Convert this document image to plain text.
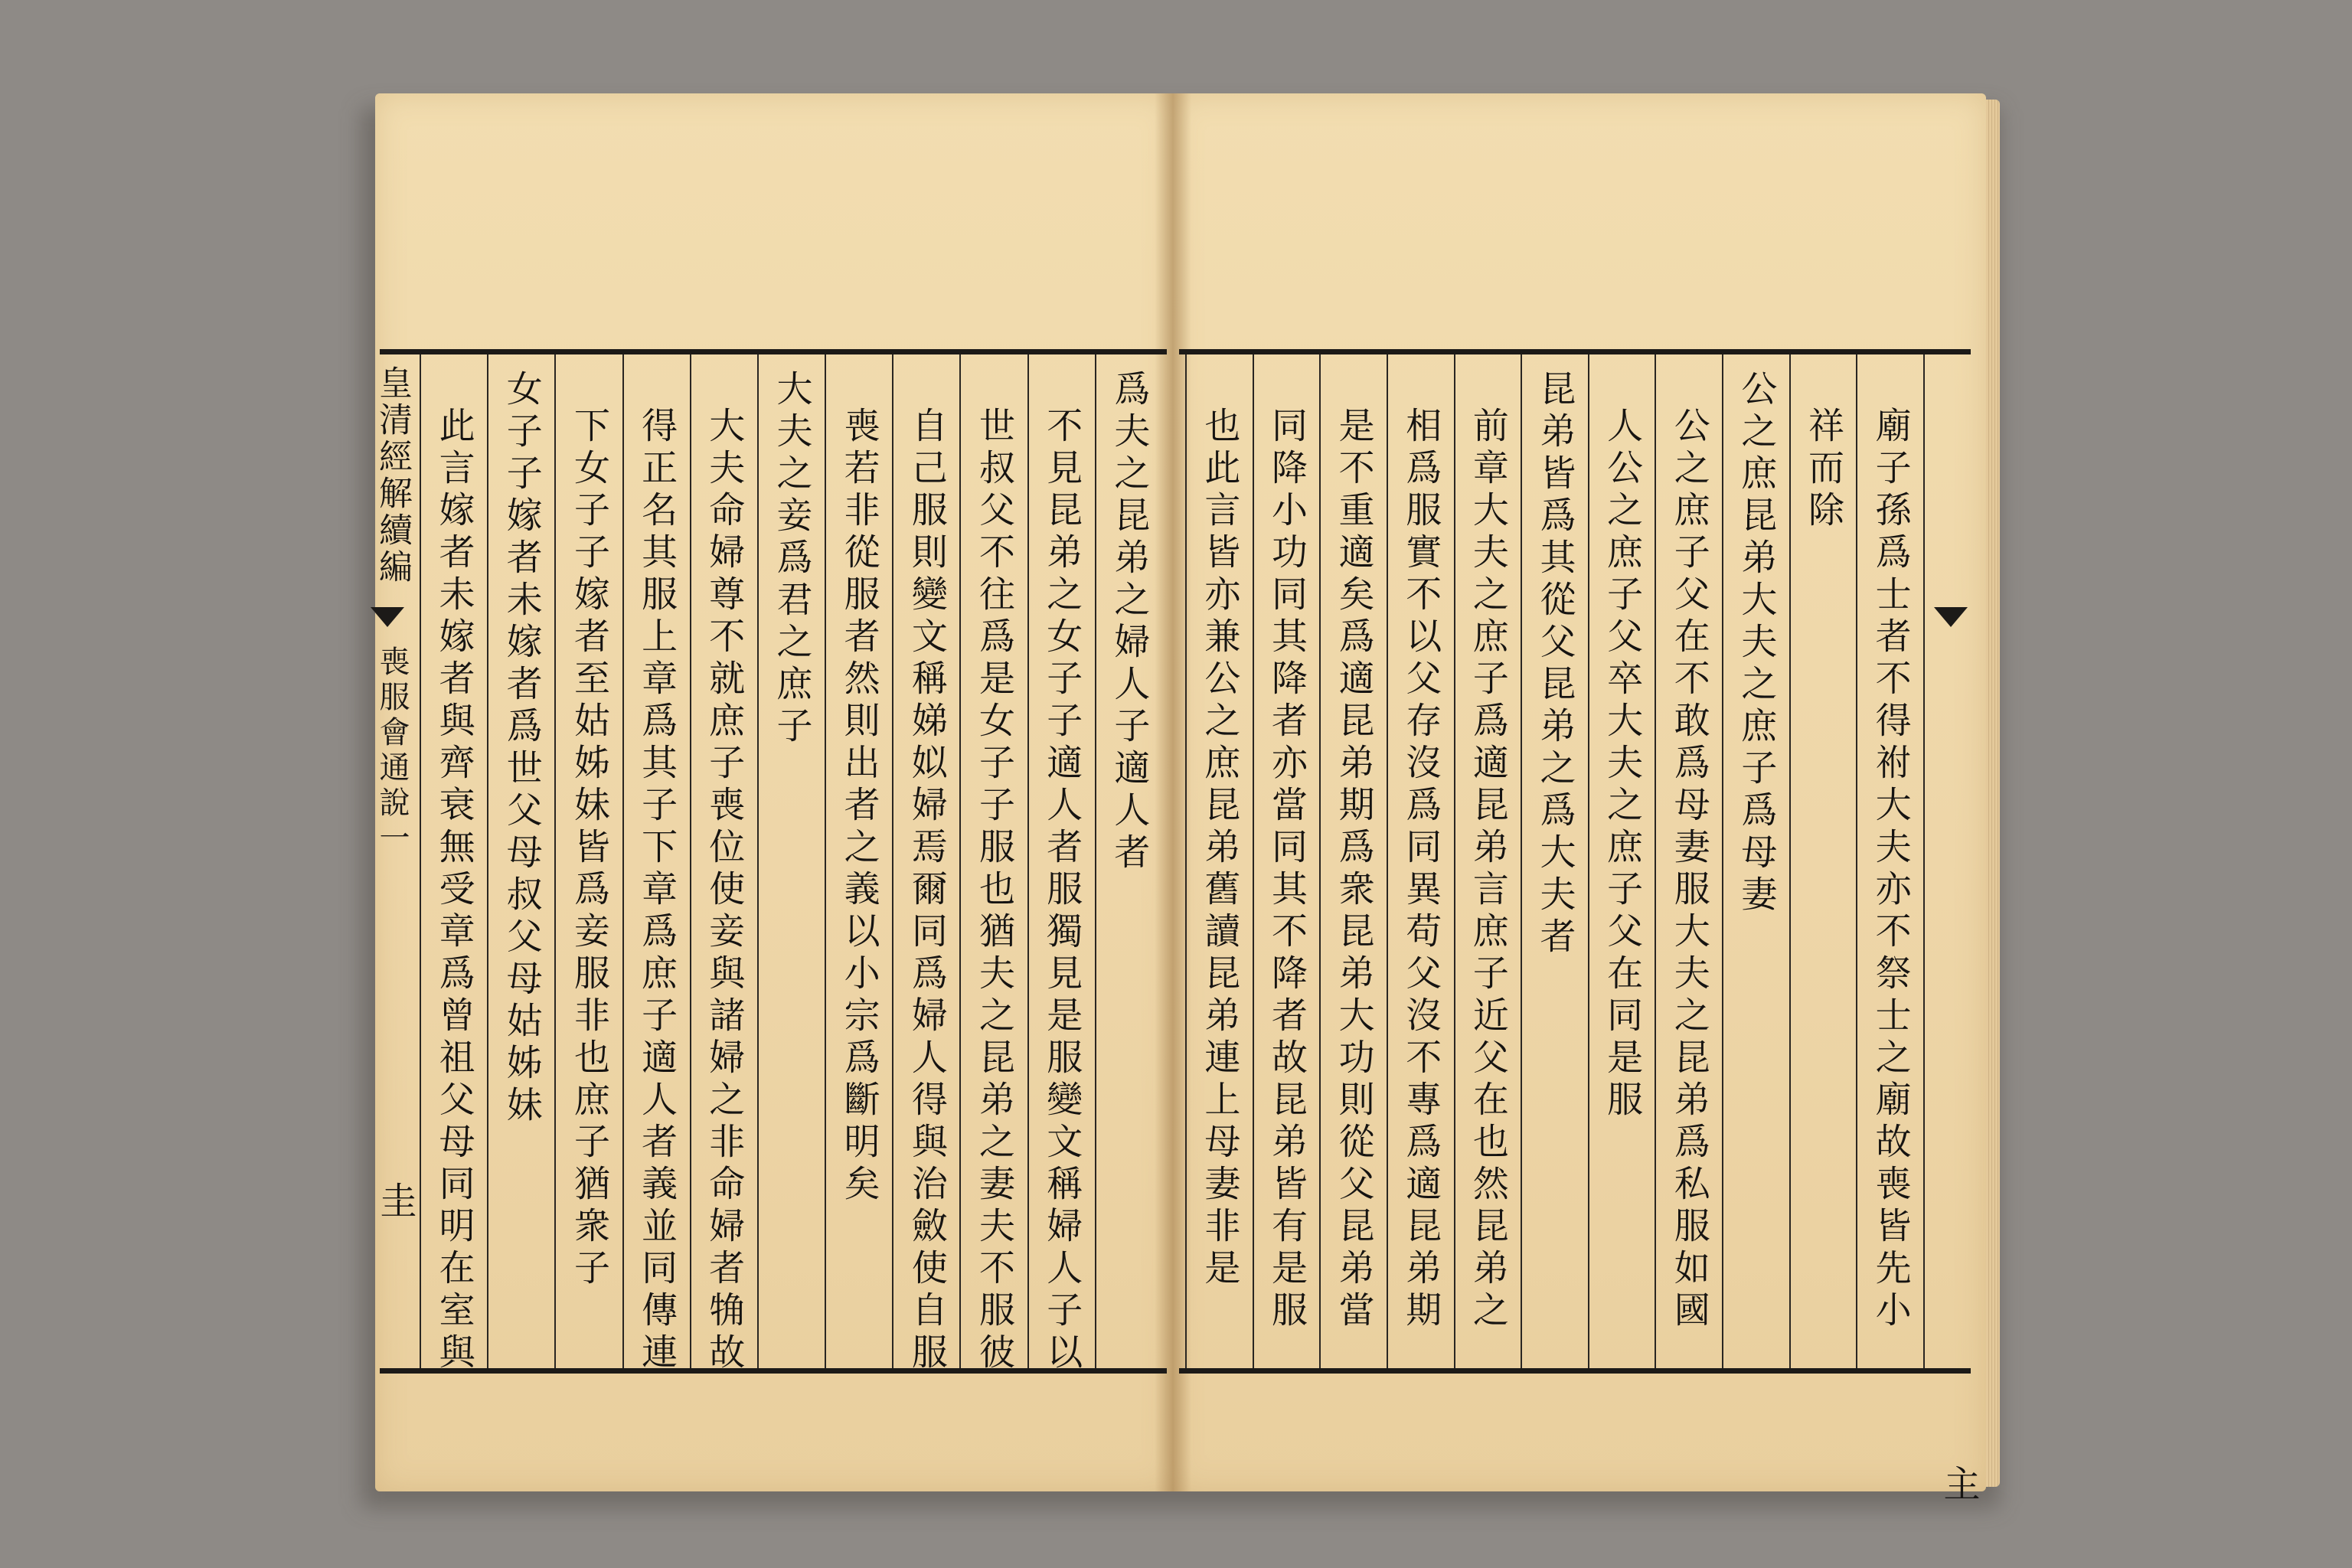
皇清經解續編
喪服會通說一
圭
爲夫之昆弟之婦人子適人者
不見昆弟之女子子適人者服獨見是服變文稱婦人子以
世叔父不往爲是女子子服也猶夫之昆弟之妻夫不服彼
自己服則變文稱娣姒婦焉爾同爲婦人得與治斂使自服
喪若非從服者然則出者之義以小宗爲斷明矣
大夫之妾爲君之庶子
大夫命婦尊不就庶子喪位使妾與諸婦之非命婦者觕故
得正名其服上章爲其子下章爲庶子適人者義並同傳連
下女子子嫁者至姑姊妹皆爲妾服非也庶子猶衆子
女子子嫁者未嫁者爲世父母叔父母姑姊妹
此言嫁者未嫁者與齊衰無受章爲曾祖父母同明在室與	廟子孫爲士者不得祔大夫亦不祭士之廟故喪皆先小
祥而除
公之庶昆弟大夫之庶子爲母妻
公之庶子父在不敢爲母妻服大夫之昆弟爲私服如國
人公之庶子父卒大夫之庶子父在同是服
昆弟皆爲其從父昆弟之爲大夫者
前章大夫之庶子爲適昆弟言庶子近父在也然昆弟之
相爲服實不以父存沒爲同異苟父沒不專爲適昆弟期
是不重適矣爲適昆弟期爲衆昆弟大功則從父昆弟當
同降小功同其降者亦當同其不降者故昆弟皆有是服
也此言皆亦兼公之庶昆弟舊讀昆弟連上母妻非是
主
